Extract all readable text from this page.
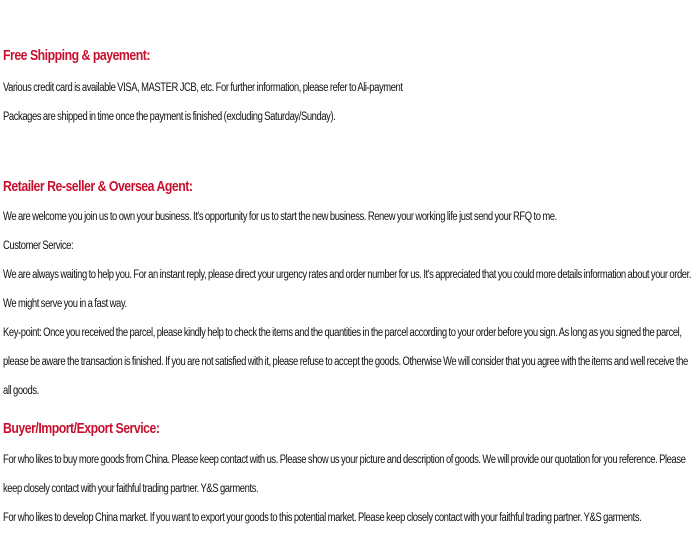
Free Shipping & payement:

Various credit card is available VISA, MASTER JCB, etc. For further information, please refer to Ali-payment

Packages are shipped in time once the payment is finished (excluding Saturday/Sunday).

Retailer Re-seller & Oversea Agent:

We are welcome you join us to own your business. It's opportunity for us to start the new business. Renew your working life just send your RFQ to me.

Customer Service:

We are always waiting to help you. For an instant reply, please direct your urgency rates and order number for us. It's appreciated that you could more details information about your order. We might serve you in a fast way.

Key-point: Once you received the parcel, please kindly help to check the items and the quantities in the parcel according to your order before you sign. As long as you signed the parcel, please be aware the transaction is finished. If you are not satisfied with it, please refuse to accept the goods. Otherwise We will consider that you agree with the items and well receive the all goods.

Buyer/Import/Export Service:

For who likes to buy more goods from China. Please keep contact with us. Please show us your picture and description of goods. We will provide our quotation for you reference. Please keep closely contact with your faithful trading partner. Y&S garments.

For who likes to develop China market. If you want to export your goods to this potential market. Please keep closely contact with your faithful trading partner. Y&S garments.
